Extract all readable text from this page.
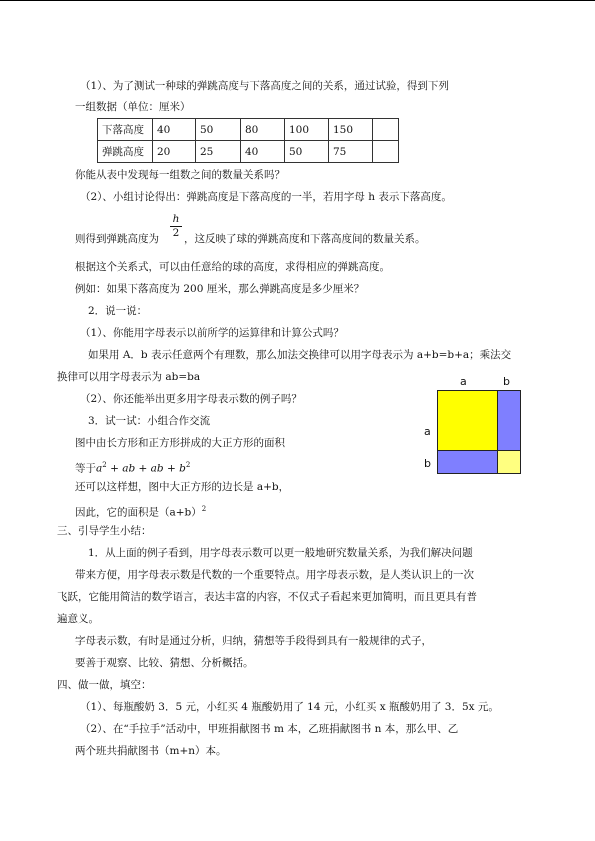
（1）、为了测试一种球的弹跳高度与下落高度之间的关系，通过试验，得到下列
一组数据（单位：厘米）
下落高度	40	50	80	100	150	
弹跳高度	20	25	40	50	75	
你能从表中发现每一组数之间的数量关系吗？
（2）、小组讨论得出：弹跳高度是下落高度的一半，若用字母 h 表示下落高度。
则得到弹跳高度为 $\frac{h}{2}$ ，这反映了球的弹跳高度和下落高度间的数量关系。
根据这个关系式，可以由任意给的球的高度，求得相应的弹跳高度。
例如：如果下落高度为 200 厘米，那么弹跳高度是多少厘米？
2．说一说：
（1）、你能用字母表示以前所学的运算律和计算公式吗？
如果用 A．b 表示任意两个有理数，那么加法交换律可以用字母表示为 a+b=b+a；乘法交
换律可以用字母表示为 ab=ba
（2）、你还能举出更多用字母表示数的例子吗？
3．试一试：小组合作交流
图中由长方形和正方形拼成的大正方形的面积
等于$a^2$ + ab + ab + $b^2$
还可以这样想，图中大正方形的边长是 a+b，
因此，它的面积是$(a+b)^2$
三、引导学生小结：
1．从上面的例子看到，用字母表示数可以更一般地研究数量关系，为我们解决问题
带来方便，用字母表示数是代数的一个重要特点。用字母表示数，是人类认识上的一次
飞跃，它能用简洁的数学语言，表达丰富的内容，不仅式子看起来更加简明，而且更具有普
遍意义。
字母表示数，有时是通过分析，归纳，猜想等手段得到具有一般规律的式子，
要善于观察、比较、猜想、分析概括。
四、做一做，填空：
（1）、每瓶酸奶 3．5 元，小红买 4 瓶酸奶用了 14 元，小红买 x 瓶酸奶用了 3．5x 元。
（2）、在“手拉手”活动中，甲班捐献图书 m 本，乙班捐献图书 n 本，那么甲、乙
两个班共捐献图书（m+n）本。
a	b
a
b
